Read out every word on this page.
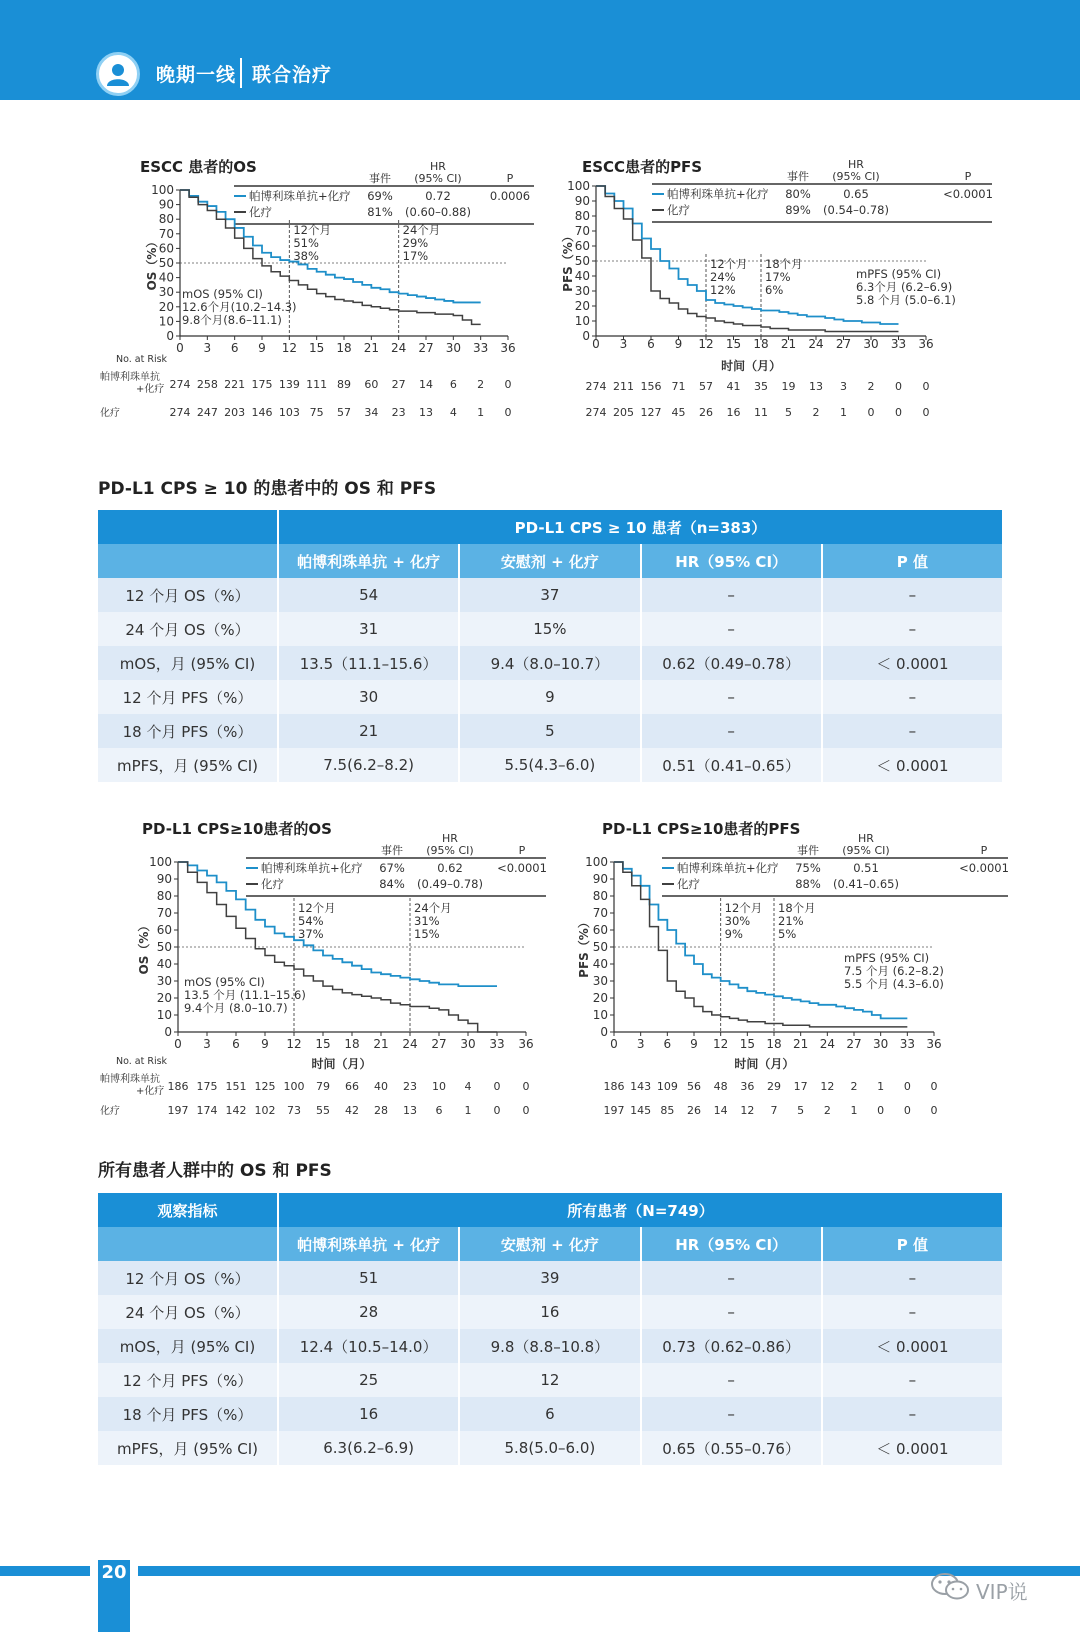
晚期一线 联合治疗
ESCC 患者的OS
事件
HR
(95% CI)	P
帕博利珠单抗+化疗 69%	0.72	0.0006
化疗	81% (0.60–0.88)
0
10
20
30
40
50
60
70
80
90
100
0 3 6 9 12 15 18 21 24 27 30 33 36
OS（%）
12个月
51%
38%
24个月
29%
17%
mOS (95% CI)
12.6个月(10.2–14.3)
9.8个月(8.6–11.1)
No. at Risk
帕博利珠单抗
+化疗 274 258 221 175 139 111 89 60 27 14 6 2 0
化疗	274 247 203 146 103 75 57 34 23 13 4 1 0
ESCC患者的PFS
事件
HR
(95% CI)	P
帕博利珠单抗+化疗 80%	0.65	<0.0001
化疗	89% (0.54–0.78)
0
10
20
30
40
50
60
70
80
90
100
0 3 6 9 12 15 18 21 24 27 30 33 36
PFS（%）
时间（月）
12个月
24%
12%
18个月
17%
6%
mPFS (95% CI)
6.3个月 (6.2–6.9)
5.8 个月 (5.0–6.1)
274 211 156 71 57 41 35 19 13 3 2 0 0
274 205 127 45 26 16 11 5 2 1 0 0 0
PD-L1 CPS ≥ 10 的患者中的 OS 和 PFS
	PD-L1 CPS ≥ 10 患者（n=383）			
	帕博利珠单抗 + 化疗	安慰剂 + 化疗	HR（95% CI）	P 值
12 个月 OS（%）	54	37	–	–
24 个月 OS（%）	31	15%	–	–
mOS，月 (95% CI)	13.5（11.1–15.6）	9.4（8.0–10.7）	0.62（0.49–0.78）	＜ 0.0001
12 个月 PFS（%）	30	9	–	–
18 个月 PFS（%）	21	5	–	–
mPFS，月 (95% CI)	7.5(6.2–8.2)	5.5(4.3–6.0)	0.51（0.41–0.65）	＜ 0.0001
PD-L1 CPS≥10患者的OS
事件
HR
(95% CI)	P
帕博利珠单抗+化疗 67%	0.62	<0.0001
化疗	84% (0.49–0.78)
0
10
20
30
40
50
60
70
80
90
100
0 3 6 9 12 15 18 21 24 27 30 33 36
OS（%）
时间（月）
12个月
54%
37%
24个月
31%
15%
mOS (95% CI)
13.5 个月 (11.1–15.6)
9.4个月 (8.0–10.7)
No. at Risk
帕博利珠单抗
+化疗 186 175 151 125 100 79 66 40 23 10 4 0 0
化疗	197 174 142 102 73 55 42 28 13 6 1 0 0
PD-L1 CPS≥10患者的PFS
事件
HR
(95% CI)	P
帕博利珠单抗+化疗 75%	0.51	<0.0001
化疗	88% (0.41–0.65)
0
10
20
30
40
50
60
70
80
90
100
0 3 6 9 12 15 18 21 24 27 30 33 36
PFS（%）
时间（月）
12个月
30%
9%
18个月
21%
5%
mPFS (95% CI)
7.5 个月 (6.2–8.2)
5.5 个月 (4.3–6.0)
186 143 109 56 48 36 29 17 12 2 1 0 0
197 145 85 26 14 12 7 5 2 1 0 0 0
所有患者人群中的 OS 和 PFS
观察指标	所有患者（N=749）			
	帕博利珠单抗 + 化疗	安慰剂 + 化疗	HR（95% CI）	P 值
12 个月 OS（%）	51	39	–	–
24 个月 OS（%）	28	16	–	–
mOS，月 (95% CI)	12.4（10.5–14.0）	9.8（8.8–10.8）	0.73（0.62–0.86）	＜ 0.0001
12 个月 PFS（%）	25	12	–	–
18 个月 PFS（%）	16	6	–	–
mPFS，月 (95% CI)	6.3(6.2–6.9)	5.8(5.0–6.0)	0.65（0.55–0.76）	＜ 0.0001
20
VIP说
